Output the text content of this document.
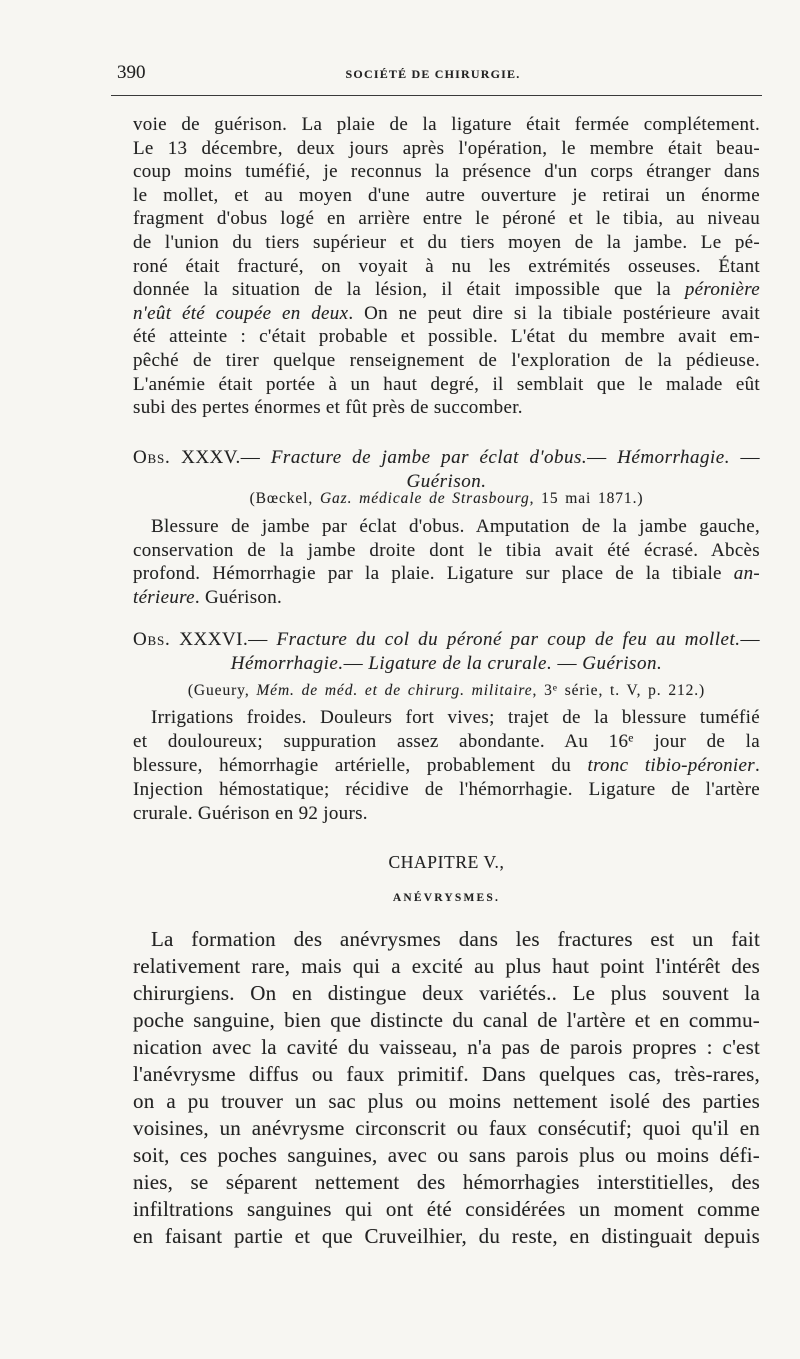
390	SOCIÉTÉ DE CHIRURGIE.
voie de guérison. La plaie de la ligature était fermée complétement.
Le 13 décembre, deux jours après l'opération, le membre était beau-
coup moins tuméfié, je reconnus la présence d'un corps étranger dans
le mollet, et au moyen d'une autre ouverture je retirai un énorme
fragment d'obus logé en arrière entre le péroné et le tibia, au niveau
de l'union du tiers supérieur et du tiers moyen de la jambe. Le pé-
roné était fracturé, on voyait à nu les extrémités osseuses. Étant
donnée la situation de la lésion, il était impossible que la péronière
n'eût été coupée en deux. On ne peut dire si la tibiale postérieure avait
été atteinte : c'était probable et possible. L'état du membre avait em-
pêché de tirer quelque renseignement de l'exploration de la pédieuse.
L'anémie était portée à un haut degré, il semblait que le malade eût
subi des pertes énormes et fût près de succomber.
Obs. XXXV.— Fracture de jambe par éclat d'obus.— Hémorrhagie. —
Guérison.
(Bœckel, Gaz. médicale de Strasbourg, 15 mai 1871.)
Blessure de jambe par éclat d'obus. Amputation de la jambe gauche,
conservation de la jambe droite dont le tibia avait été écrasé. Abcès
profond. Hémorrhagie par la plaie. Ligature sur place de la tibiale an-
térieure. Guérison.
Obs. XXXVI.— Fracture du col du péroné par coup de feu au mollet.—
Hémorrhagie.— Ligature de la crurale. — Guérison.
(Gueury, Mém. de méd. et de chirurg. militaire, 3e série, t. V, p. 212.)
Irrigations froides. Douleurs fort vives; trajet de la blessure tuméfié
et douloureux; suppuration assez abondante. Au 16e jour de la
blessure, hémorrhagie artérielle, probablement du tronc tibio-péronier.
Injection hémostatique; récidive de l'hémorrhagie. Ligature de l'artère
crurale. Guérison en 92 jours.
CHAPITRE V.,
ANÉVRYSMES.
La formation des anévrysmes dans les fractures est un fait
relativement rare, mais qui a excité au plus haut point l'intérêt des
chirurgiens. On en distingue deux variétés.. Le plus souvent la
poche sanguine, bien que distincte du canal de l'artère et en commu-
nication avec la cavité du vaisseau, n'a pas de parois propres : c'est
l'anévrysme diffus ou faux primitif. Dans quelques cas, très-rares,
on a pu trouver un sac plus ou moins nettement isolé des parties
voisines, un anévrysme circonscrit ou faux consécutif; quoi qu'il en
soit, ces poches sanguines, avec ou sans parois plus ou moins défi-
nies, se séparent nettement des hémorrhagies interstitielles, des
infiltrations sanguines qui ont été considérées un moment comme
en faisant partie et que Cruveilhier, du reste, en distinguait depuis
